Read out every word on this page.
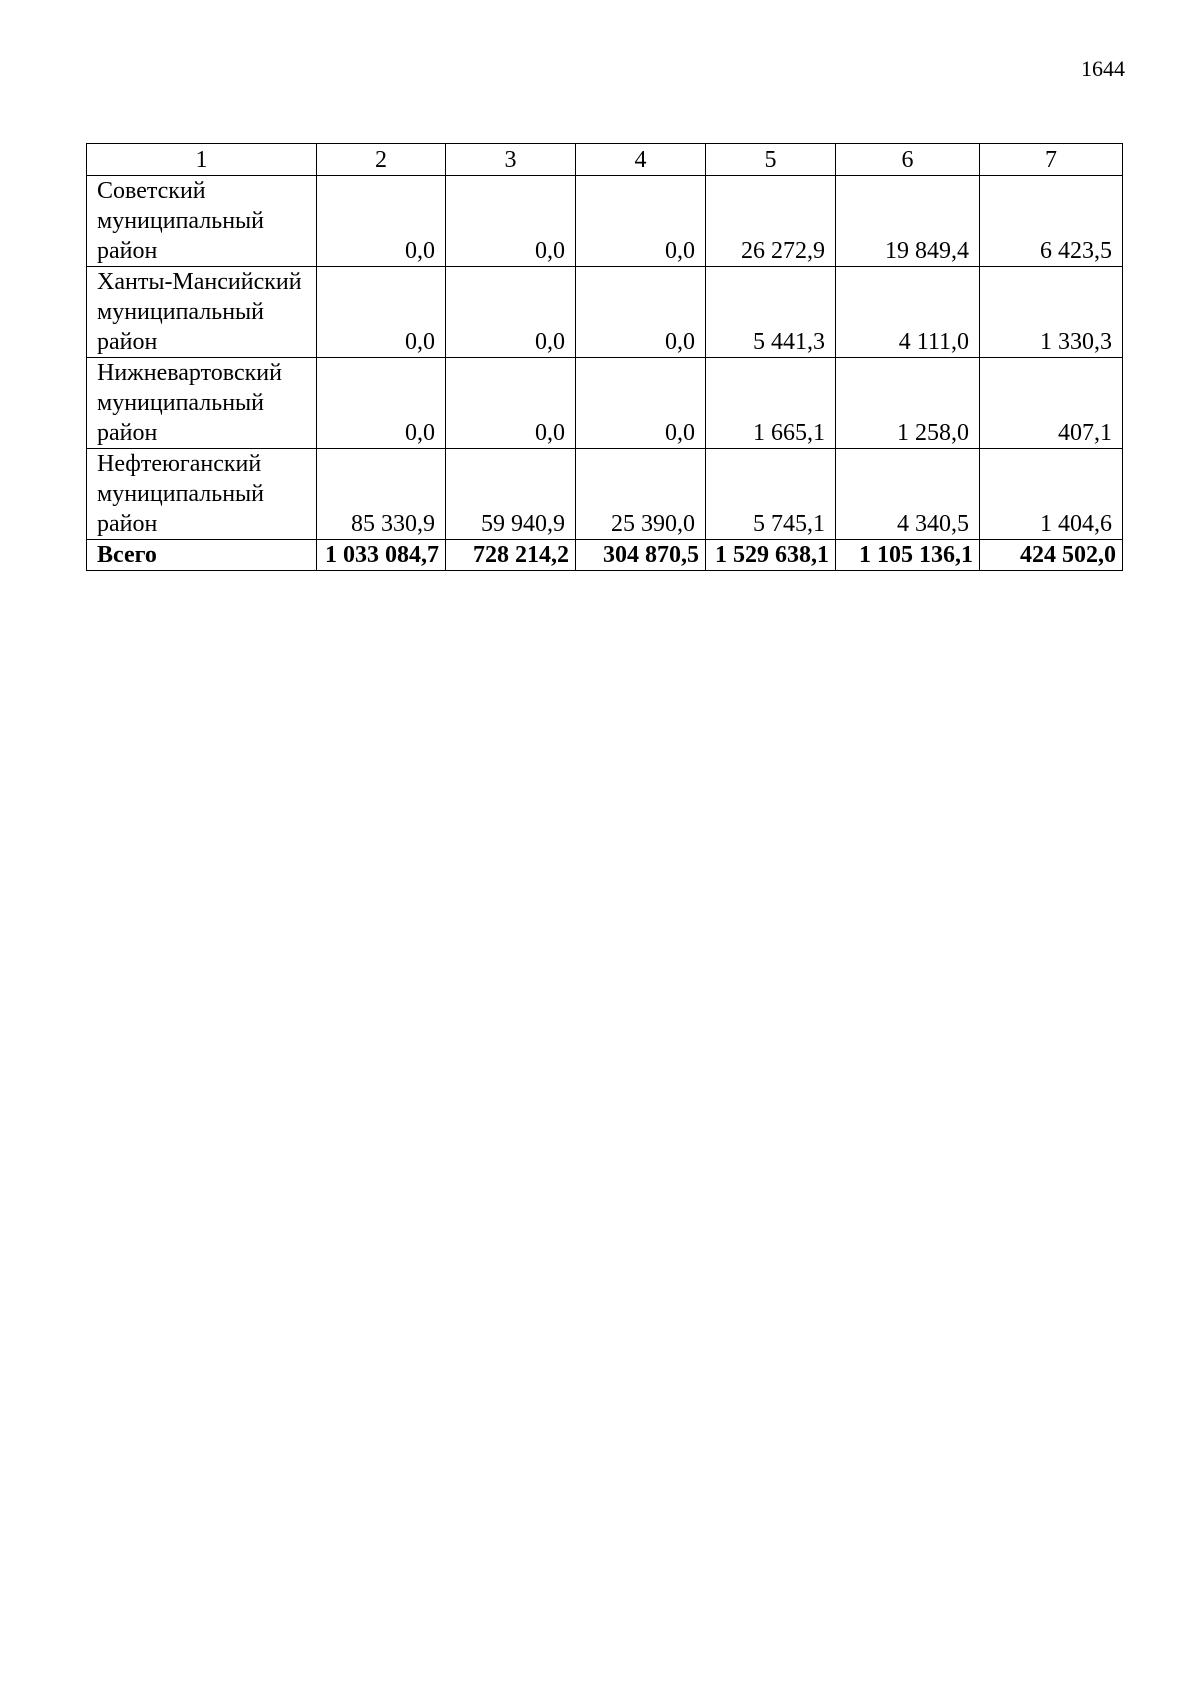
1644
1	2	3	4	5	6	7
Советский муниципальный район	0,0	0,0	0,0	26 272,9	19 849,4	6 423,5
Ханты-Мансийский муниципальный район	0,0	0,0	0,0	5 441,3	4 111,0	1 330,3
Нижневартовский муниципальный район	0,0	0,0	0,0	1 665,1	1 258,0	407,1
Нефтеюганский муниципальный район	85 330,9	59 940,9	25 390,0	5 745,1	4 340,5	1 404,6
Всего	1 033 084,7	728 214,2	304 870,5	1 529 638,1	1 105 136,1	424 502,0
